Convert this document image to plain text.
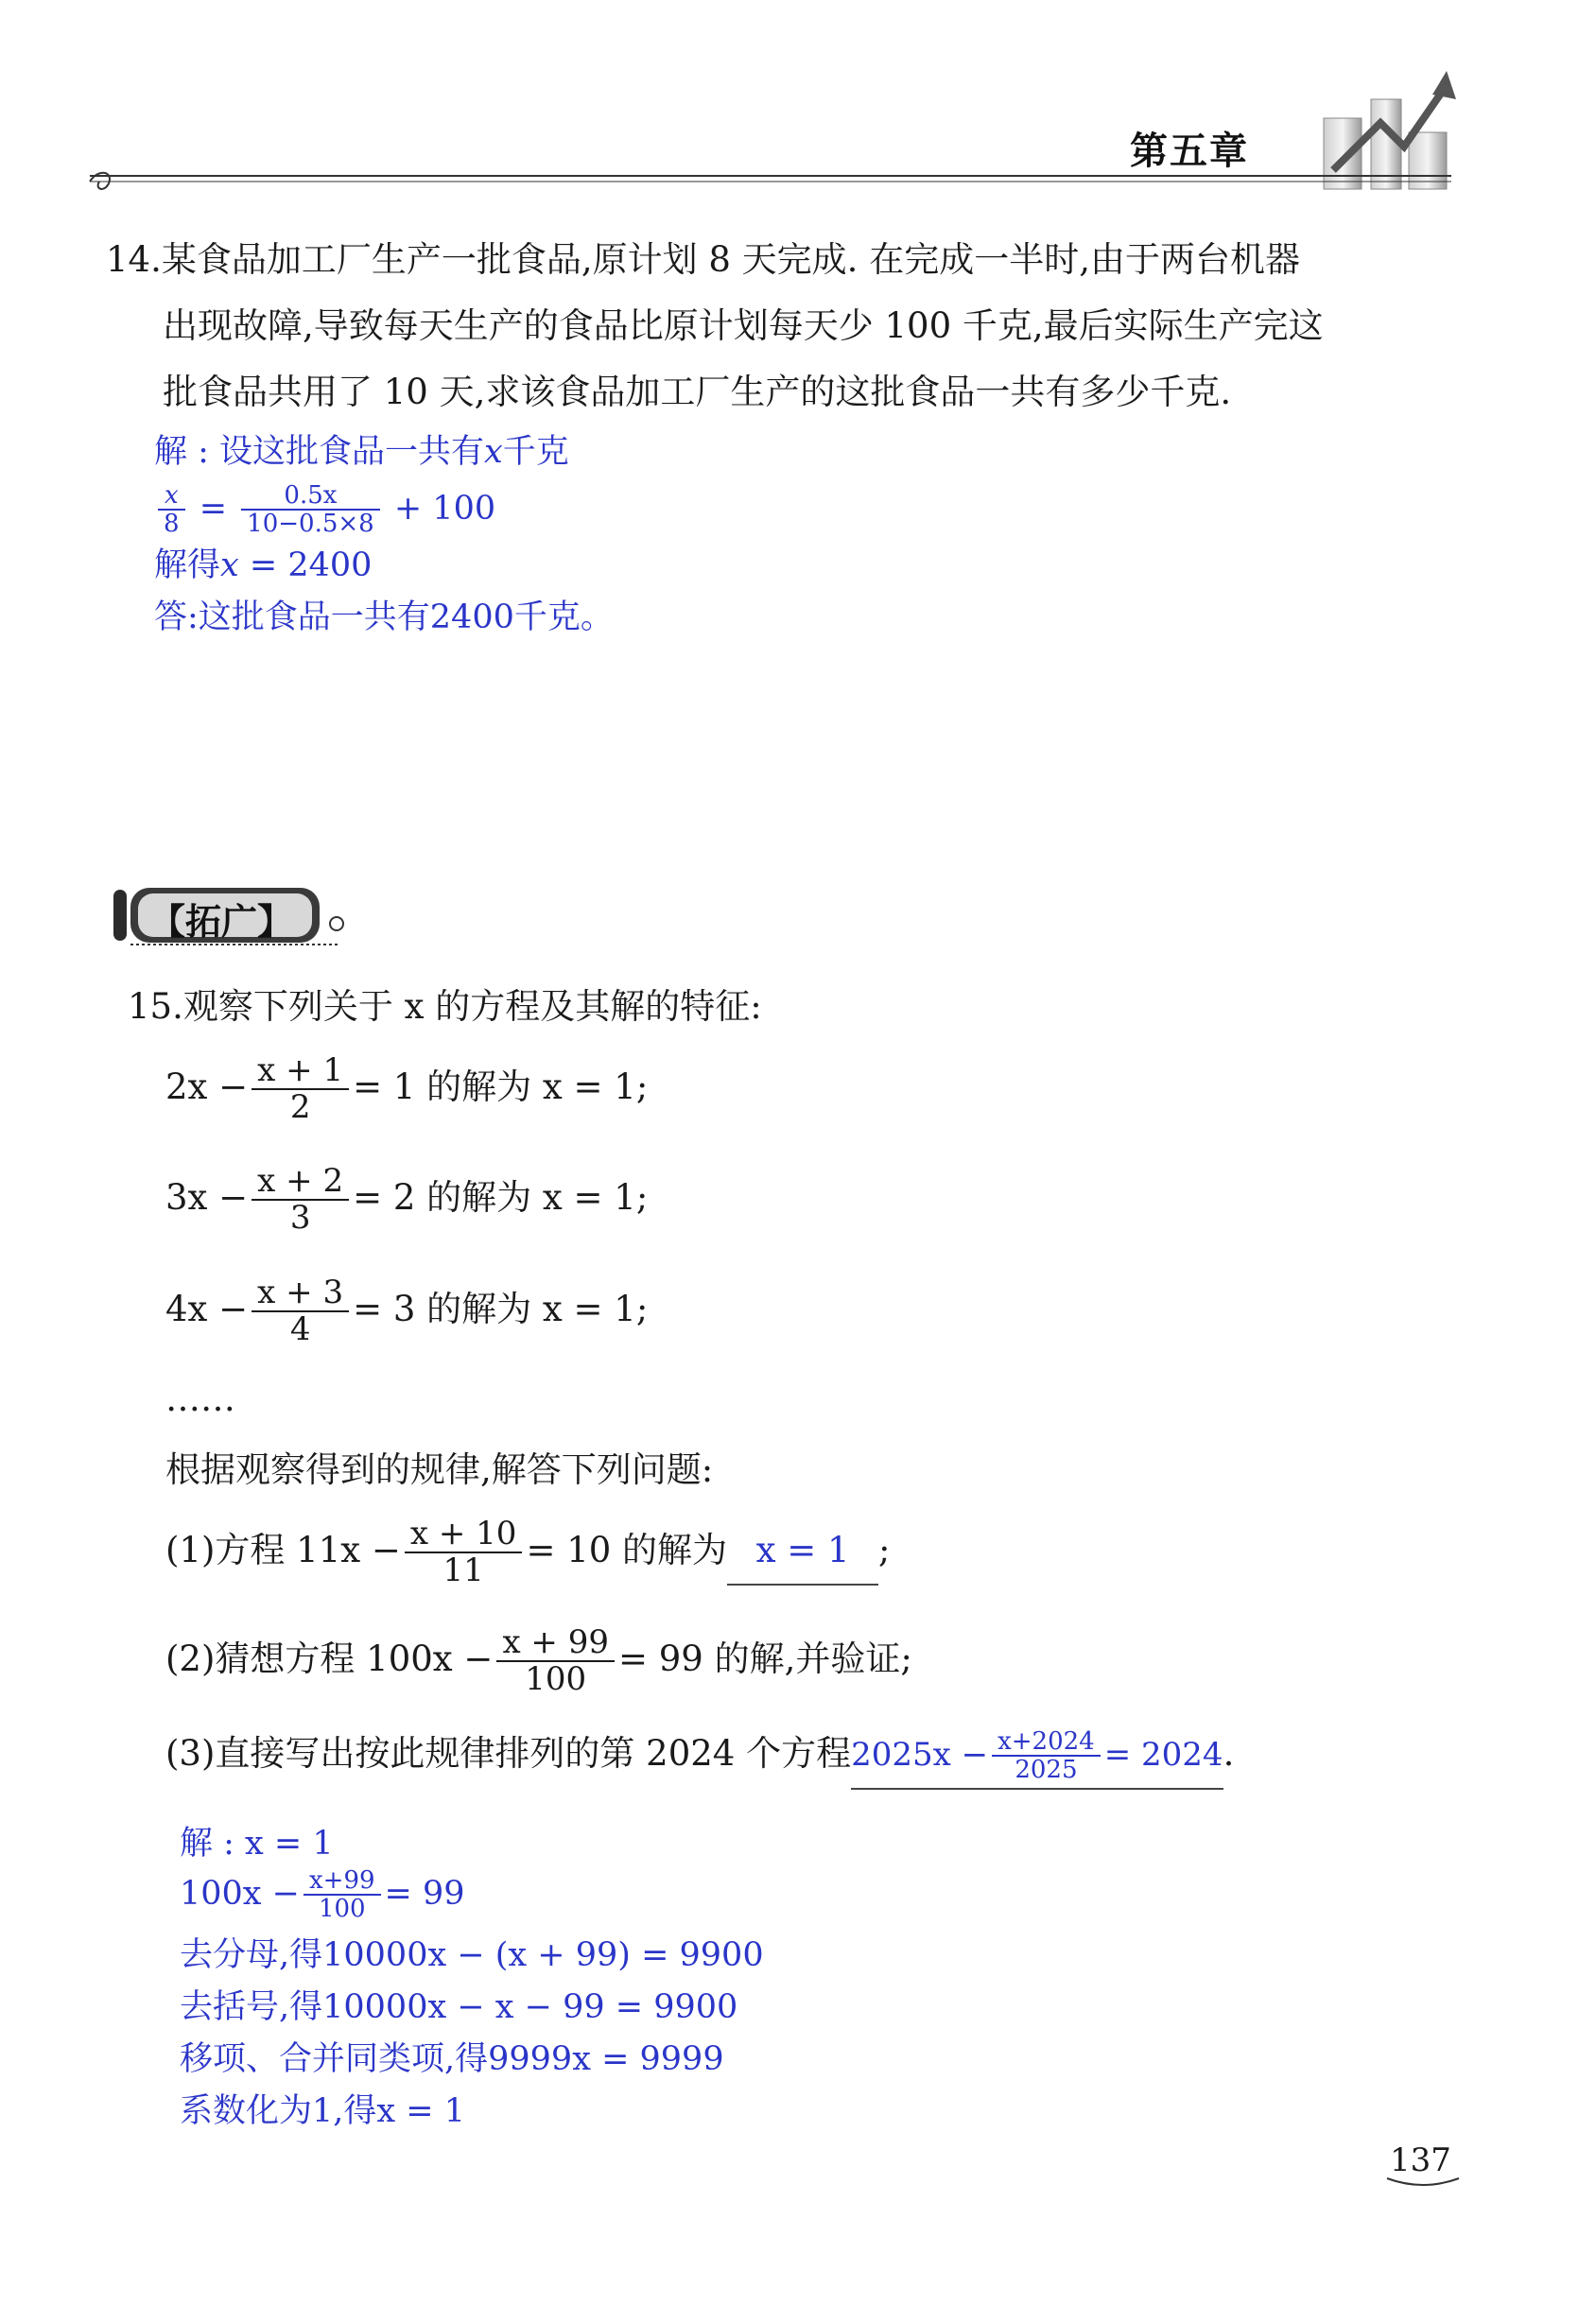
第五章
14.某食品加工厂生产一批食品,原计划 8 天完成. 在完成一半时,由于两台机器
出现故障,导致每天生产的食品比原计划每天少 100 千克,最后实际生产完这
批食品共用了 10 天,求该食品加工厂生产的这批食品一共有多少千克.
解 : 设这批食品一共有x千克
$\frac{x}{8} = \frac{0.5x}{10-0.5\times 8} + 100$
解得x = 2400
答:这批食品一共有2400千克。
【拓广】
15.观察下列关于 x 的方程及其解的特征:
$2x - \frac{x + 1}{2} = 1$ 的解为 x = 1;
$3x - \frac{x + 2}{3} = 2$ 的解为 x = 1;
$4x - \frac{x + 3}{4} = 3$ 的解为 x = 1;
……
根据观察得到的规律,解答下列问题:
(1)方程 $11x - \frac{x + 10}{11} = 10$ 的解为 x = 1 ;
(2)猜想方程 $100x - \frac{x + 99}{100} = 99$ 的解,并验证;
(3)直接写出按此规律排列的第 2024 个方程$2025x - \frac{x+2024}{2025} = 2024$.
解 : x = 1
$100x - \frac{x+99}{100} = 99$
去分母,得10000x − (x + 99) = 9900
去括号,得10000x − x − 99 = 9900
移项、合并同类项,得9999x = 9999
系数化为1,得x = 1
137
